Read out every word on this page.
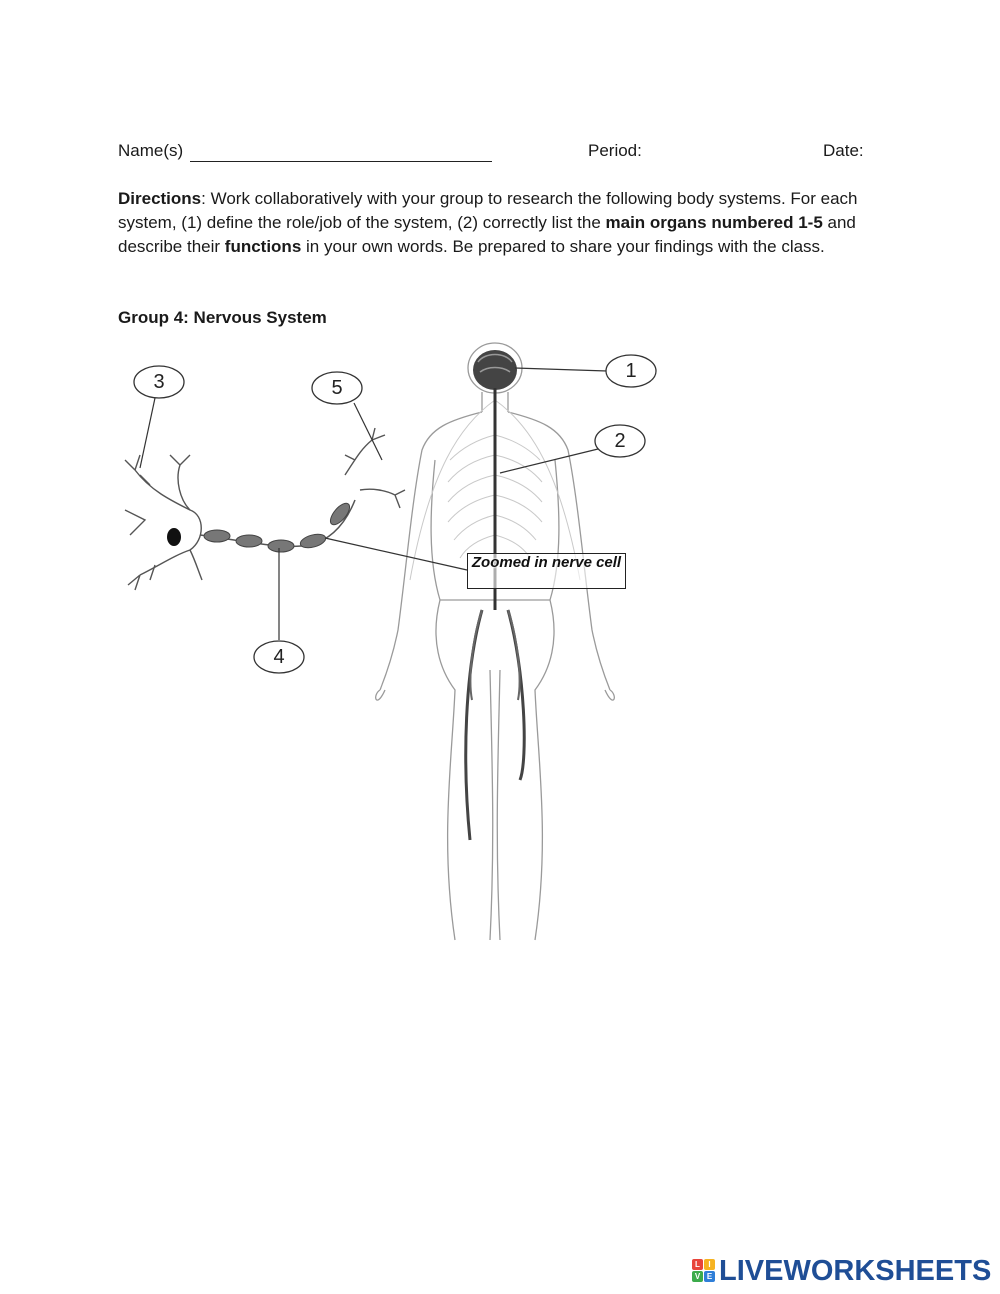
Name(s)	Period:	Date:
Directions: Work collaboratively with your group to research the following body systems. For each system, (1) define the role/job of the system, (2) correctly list the main organs numbered 1-5 and describe their functions in your own words. Be prepared to share your findings with the class.
Group 4: Nervous System
1
2
3
4
5
Zoomed in nerve cell
L	I
V E LIVEWORKSHEETS
